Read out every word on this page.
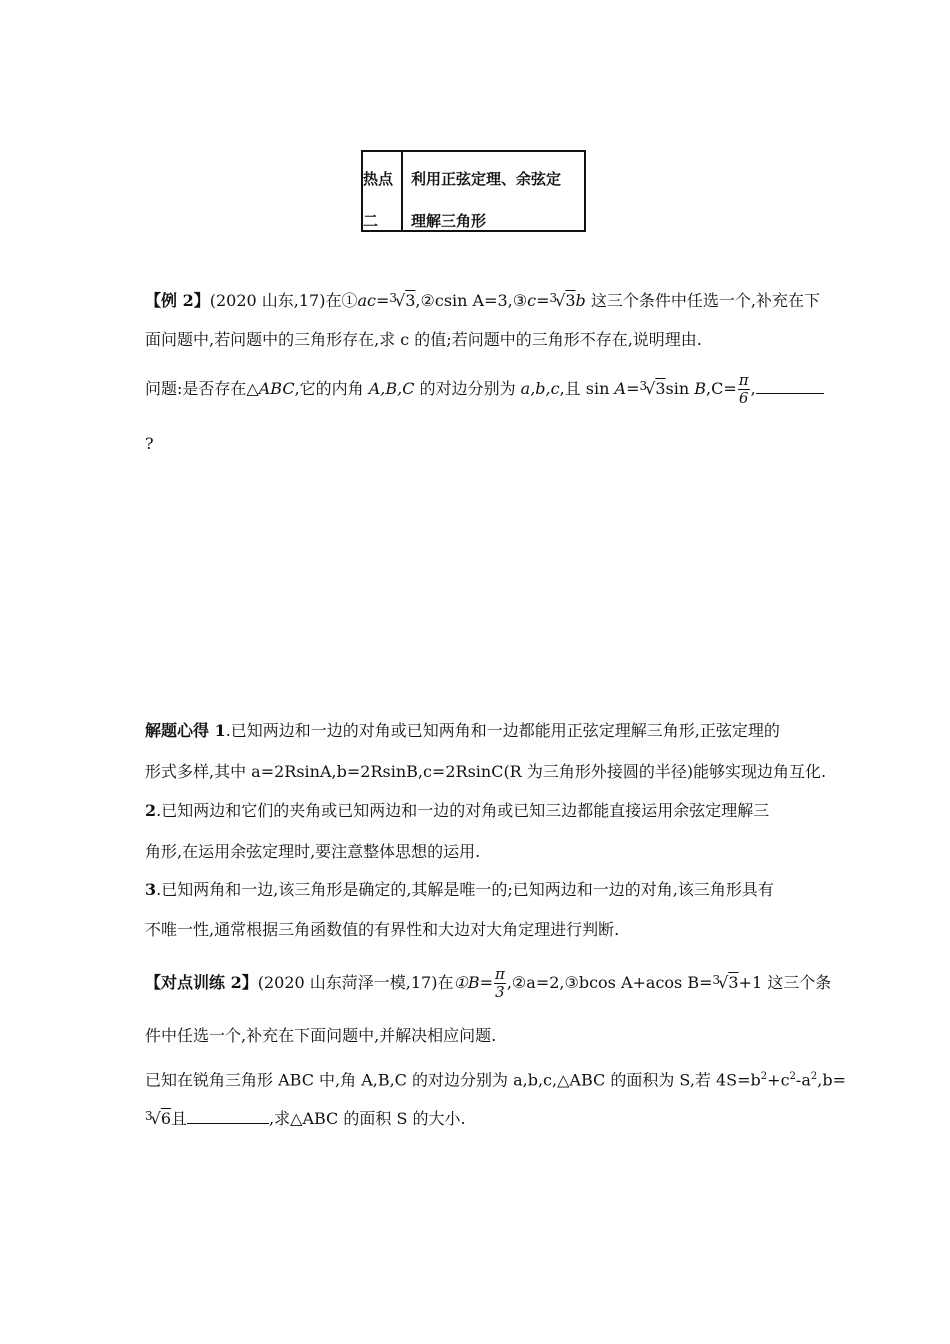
热点
二
利用正弦定理、余弦定
理解三角形
【例 2】(2020 山东,17)在①ac=$^3$√3,②csin A=3,③c=$^3$√3b 这三个条件中任选一个,补充在下
面问题中,若问题中的三角形存在,求 c 的值;若问题中的三角形不存在,说明理由.
问题:是否存在△ABC,它的内角 A,B,C 的对边分别为 a,b,c,且 sin A=$^3$√3sin $B,C= \frac{\pi}{6}$ ,
?
解题心得 1.已知两边和一边的对角或已知两角和一边都能用正弦定理解三角形,正弦定理的
形式多样,其中 a=2RsinA,b=2RsinB,c=2RsinC(R 为三角形外接圆的半径)能够实现边角互化.
2.已知两边和它们的夹角或已知两边和一边的对角或已知三边都能直接运用余弦定理解三
角形,在运用余弦定理时,要注意整体思想的运用.
3.已知两角和一边,该三角形是确定的,其解是唯一的;已知两边和一边的对角,该三角形具有
不唯一性,通常根据三角函数值的有界性和大边对大角定理进行判断.
【对点训练 2】(2020 山东菏泽一模,17)在①B= $\frac{\pi}{3}$ ,②a=2,③bcos A+acos B=$^3$√3+1 这三个条
件中任选一个,补充在下面问题中,并解决相应问题.
已知在锐角三角形 ABC 中,角 A,B,C 的对边分别为 a,b,c,△ABC 的面积为 S,若 $4S=b^2+c^2-a^2,b=$
$^3$√6且	,求△ABC 的面积 S 的大小.
